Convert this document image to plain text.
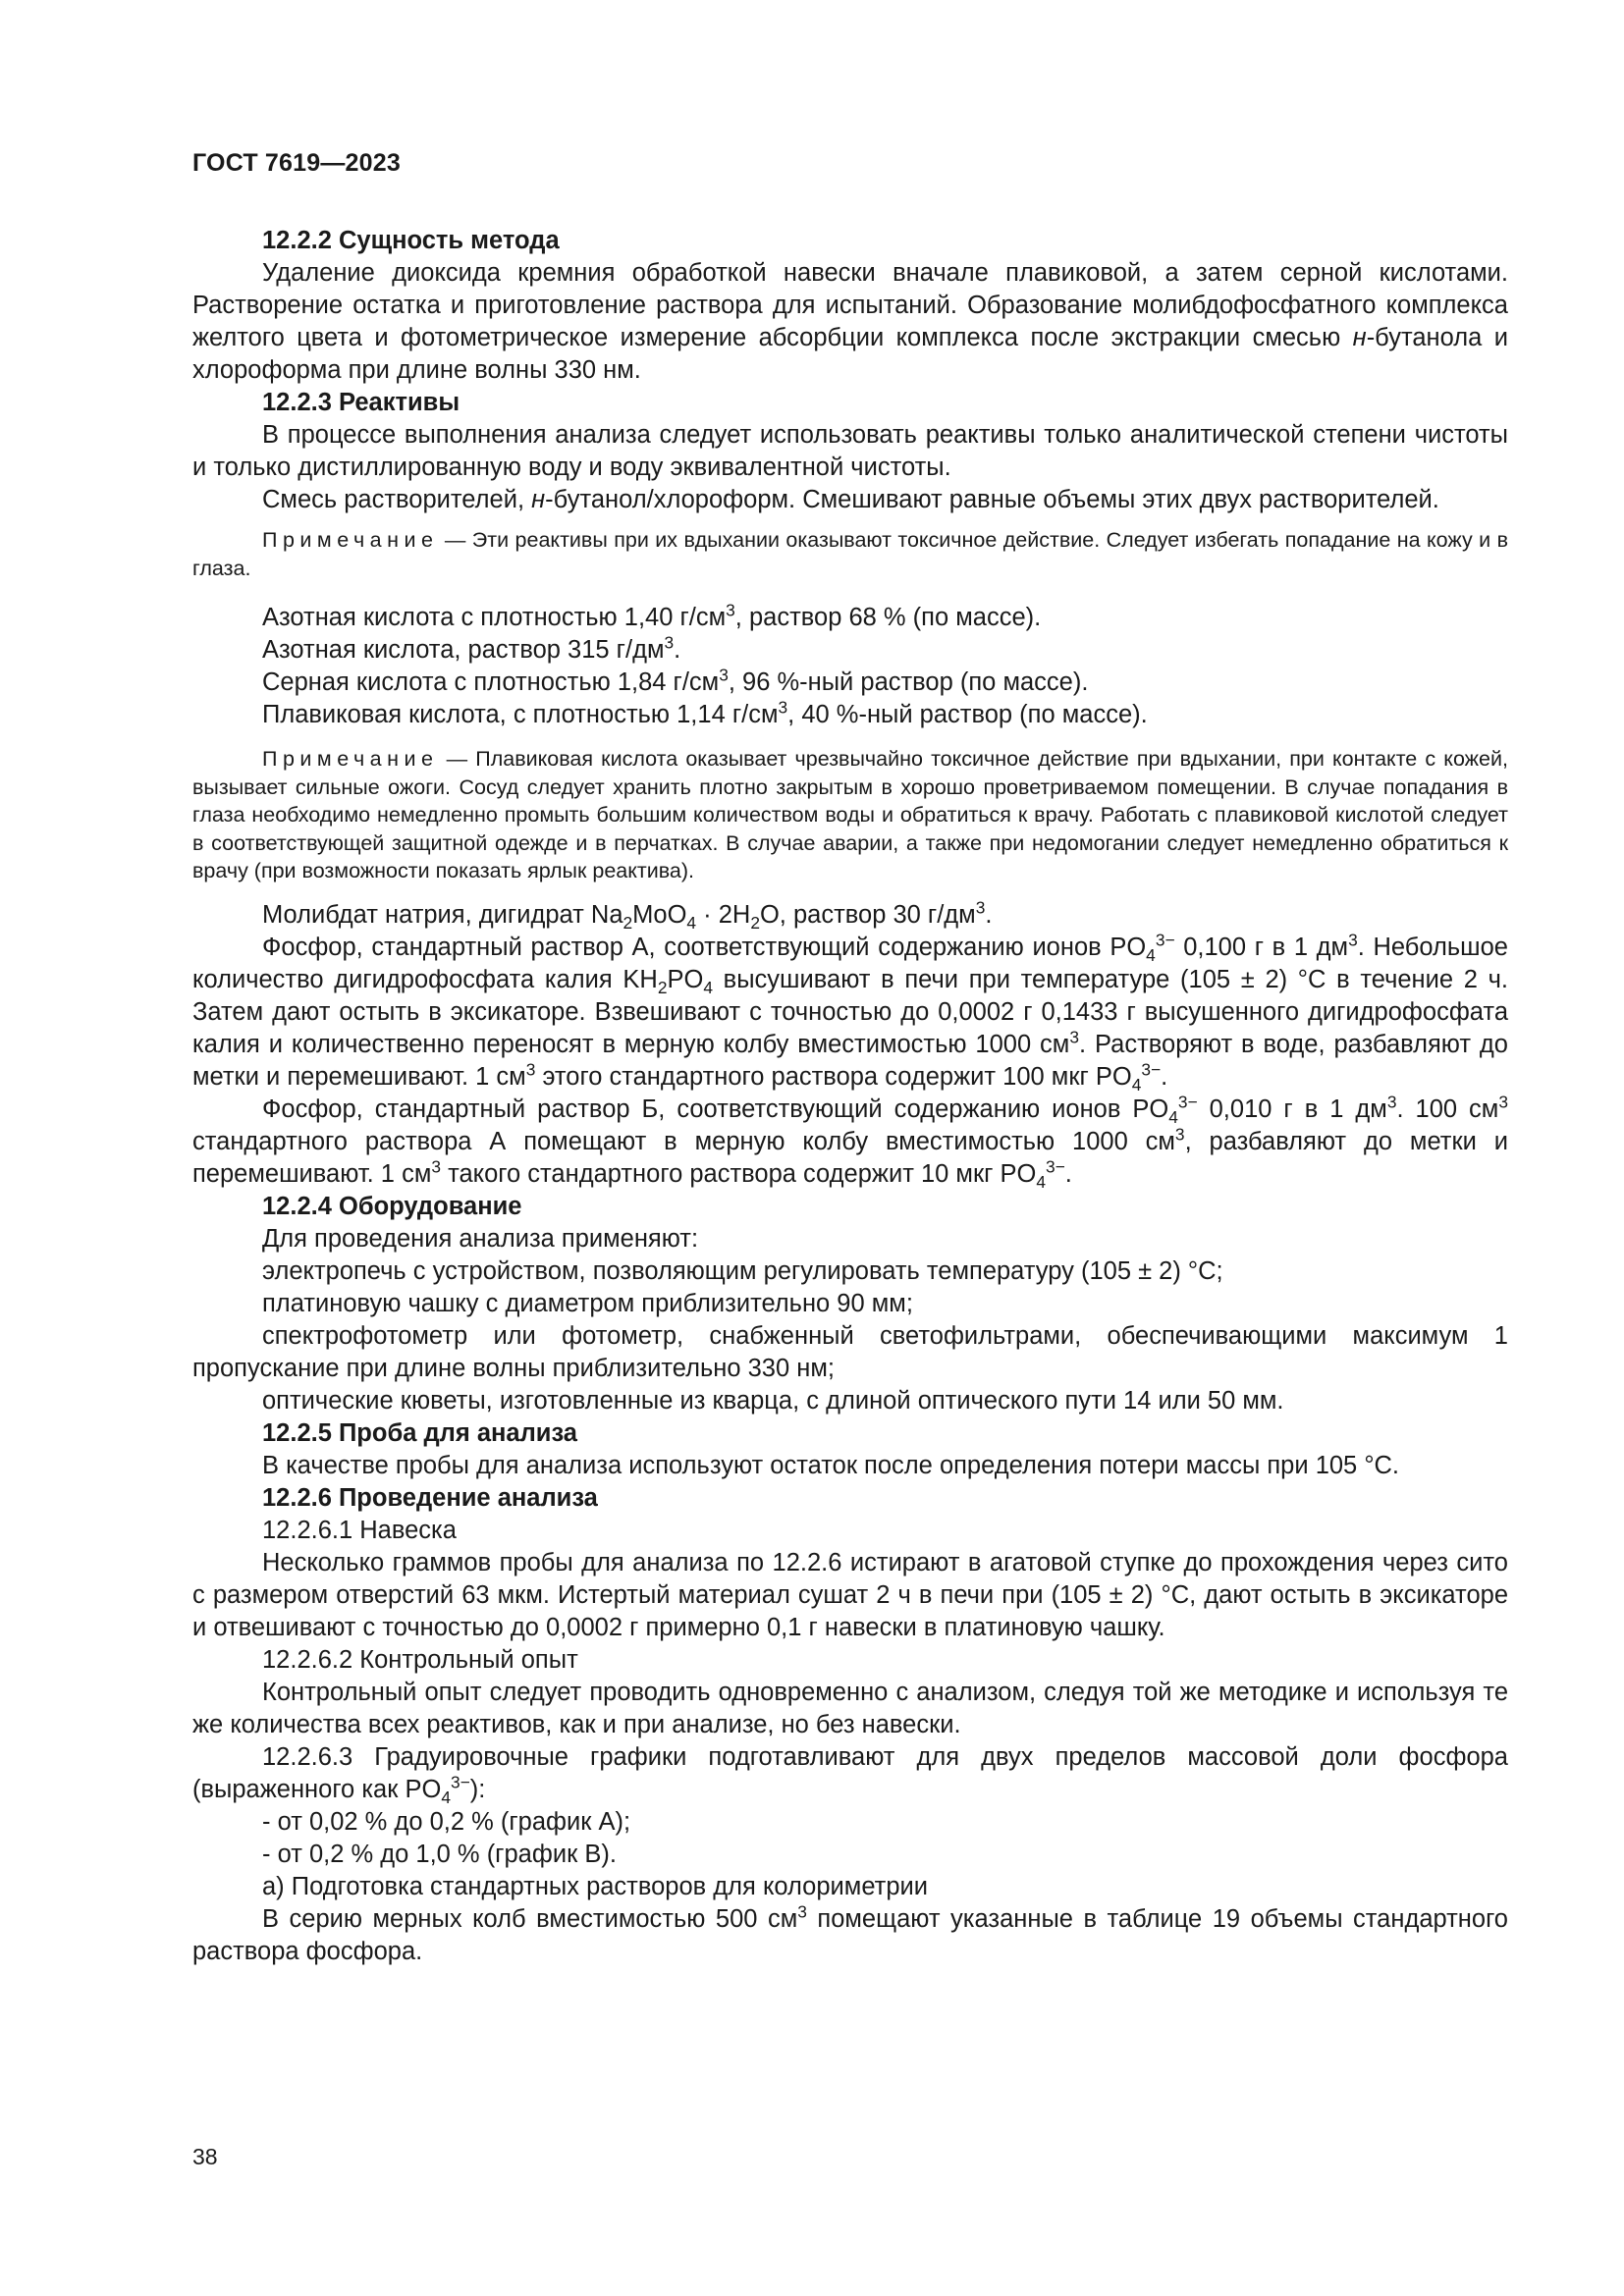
ГОСТ 7619—2023

12.2.2 Сущность метода

Удаление диоксида кремния обработкой навески вначале плавиковой, а затем серной кислотами. Растворение остатка и приготовление раствора для испытаний. Образование молибдофосфатного комплекса желтого цвета и фотометрическое измерение абсорбции комплекса после экстракции смесью н-бутанола и хлороформа при длине волны 330 нм.

12.2.3 Реактивы

В процессе выполнения анализа следует использовать реактивы только аналитической степени чистоты и только дистиллированную воду и воду эквивалентной чистоты.

Смесь растворителей, н-бутанол/хлороформ. Смешивают равные объемы этих двух растворителей.

Примечание — Эти реактивы при их вдыхании оказывают токсичное действие. Следует избегать попадание на кожу и в глаза.

Азотная кислота с плотностью 1,40 $г/см^3$, раствор 68 % (по массе).

Азотная кислота, раствор 315 $г/дм^3$.

Серная кислота с плотностью 1,84 $г/см^3$, 96 %-ный раствор (по массе).

Плавиковая кислота, с плотностью 1,14 $г/см^3$, 40 %-ный раствор (по массе).

Примечание — Плавиковая кислота оказывает чрезвычайно токсичное действие при вдыхании, при контакте с кожей, вызывает сильные ожоги. Сосуд следует хранить плотно закрытым в хорошо проветриваемом помещении. В случае попадания в глаза необходимо немедленно промыть большим количеством воды и обратиться к врачу. Работать с плавиковой кислотой следует в соответствующей защитной одежде и в перчатках. В случае аварии, а также при недомогании следует немедленно обратиться к врачу (при возможности показать ярлык реактива).

Молибдат натрия, дигидрат $Na_2MoO_4 \cdot 2H_2O$, раствор 30 $г/дм^3$.

Фосфор, стандартный раствор А, соответствующий содержанию ионов $PO_4^{3-}$ 0,100 г в 1 $дм^3$. Небольшое количество дигидрофосфата калия $KH_2PO_4$ высушивают в печи при температуре (105 ± 2) °C в течение 2 ч. Затем дают остыть в эксикаторе. Взвешивают с точностью до 0,0002 г 0,1433 г высушенного дигидрофосфата калия и количественно переносят в мерную колбу вместимостью 1000 $см^3$. Растворяют в воде, разбавляют до метки и перемешивают. 1 $см^3$ этого стандартного раствора содержит 100 мкг $PO_4^{3-}$.

Фосфор, стандартный раствор Б, соответствующий содержанию ионов $PO_4^{3-}$ 0,010 г в 1 $дм^3$. 100 $см^3$ стандартного раствора А помещают в мерную колбу вместимостью 1000 $см^3$, разбавляют до метки и перемешивают. 1 $см^3$ такого стандартного раствора содержит 10 мкг $PO_4^{3-}$.

12.2.4 Оборудование

Для проведения анализа применяют:

электропечь с устройством, позволяющим регулировать температуру (105 ± 2) °C;

платиновую чашку с диаметром приблизительно 90 мм;

спектрофотометр или фотометр, снабженный светофильтрами, обеспечивающими максимум 1 пропускание при длине волны приблизительно 330 нм;

оптические кюветы, изготовленные из кварца, с длиной оптического пути 14 или 50 мм.

12.2.5 Проба для анализа

В качестве пробы для анализа используют остаток после определения потери массы при 105 °C.

12.2.6 Проведение анализа

12.2.6.1 Навеска

Несколько граммов пробы для анализа по 12.2.6 истирают в агатовой ступке до прохождения через сито с размером отверстий 63 мкм. Истертый материал сушат 2 ч в печи при (105 ± 2) °C, дают остыть в эксикаторе и отвешивают с точностью до 0,0002 г примерно 0,1 г навески в платиновую чашку.

12.2.6.2 Контрольный опыт

Контрольный опыт следует проводить одновременно с анализом, следуя той же методике и используя те же количества всех реактивов, как и при анализе, но без навески.

12.2.6.3 Градуировочные графики подготавливают для двух пределов массовой доли фосфора (выраженного как $PO_4^{3-}$):

- от 0,02 % до 0,2 % (график А);

- от 0,2 % до 1,0 % (график В).

а) Подготовка стандартных растворов для колориметрии

В серию мерных колб вместимостью 500 $см^3$ помещают указанные в таблице 19 объемы стандартного раствора фосфора.

38
